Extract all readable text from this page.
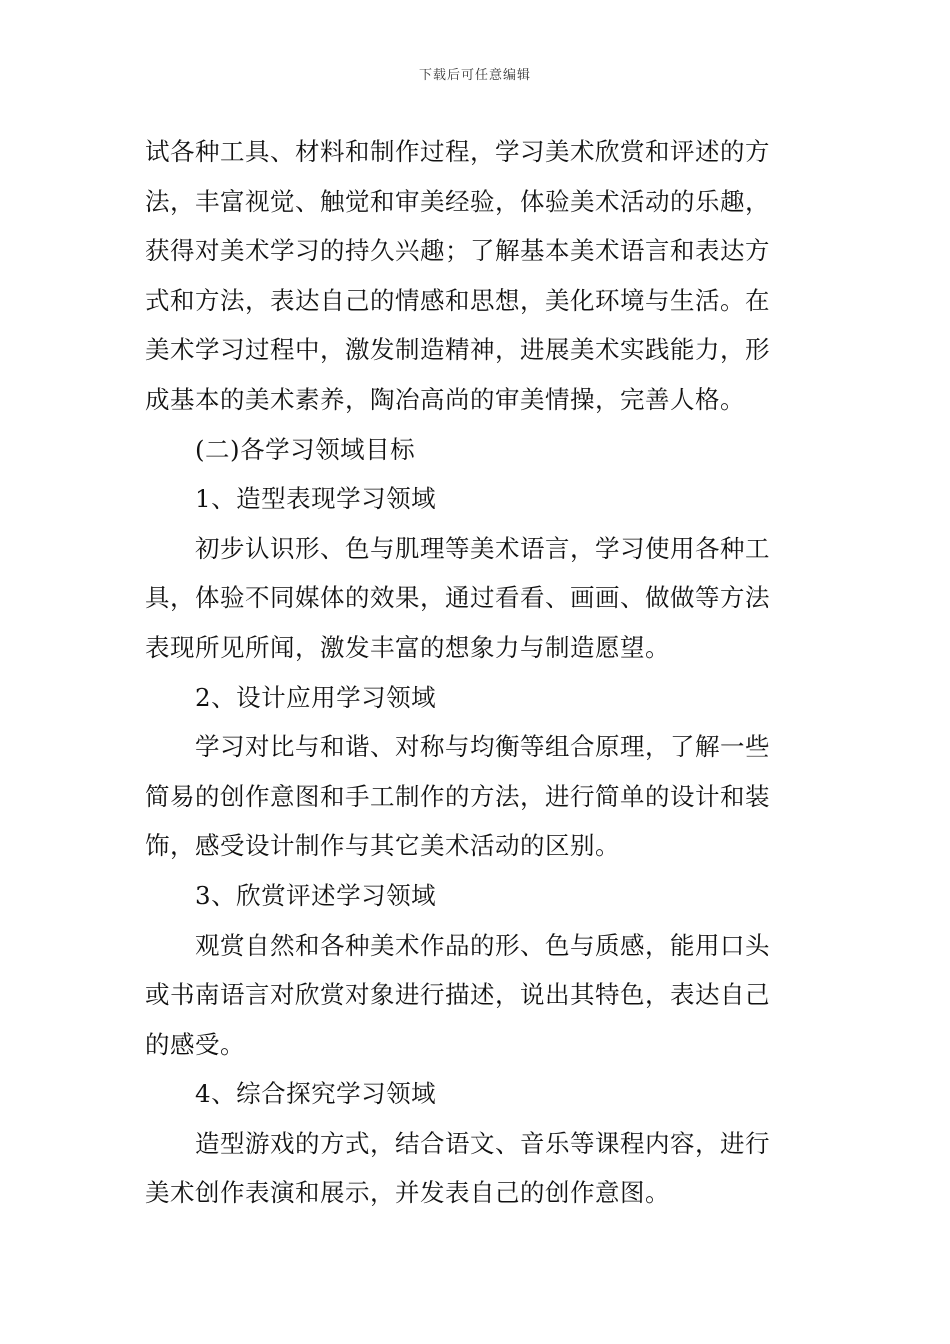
下载后可任意编辑
试各种工具、材料和制作过程，学习美术欣赏和评述的方
法，丰富视觉、触觉和审美经验，体验美术活动的乐趣，
获得对美术学习的持久兴趣；了解基本美术语言和表达方
式和方法，表达自己的情感和思想，美化环境与生活。在
美术学习过程中，激发制造精神，进展美术实践能力，形
成基本的美术素养，陶冶高尚的审美情操，完善人格。
(二)各学习领域目标
1、造型表现学习领域
初步认识形、色与肌理等美术语言，学习使用各种工
具，体验不同媒体的效果，通过看看、画画、做做等方法
表现所见所闻，激发丰富的想象力与制造愿望。
2、设计应用学习领域
学习对比与和谐、对称与均衡等组合原理，了解一些
简易的创作意图和手工制作的方法，进行简单的设计和装
饰，感受设计制作与其它美术活动的区别。
3、欣赏评述学习领域
观赏自然和各种美术作品的形、色与质感，能用口头
或书南语言对欣赏对象进行描述，说出其特色，表达自己
的感受。
4、综合探究学习领域
造型游戏的方式，结合语文、音乐等课程内容，进行
美术创作表演和展示，并发表自己的创作意图。
